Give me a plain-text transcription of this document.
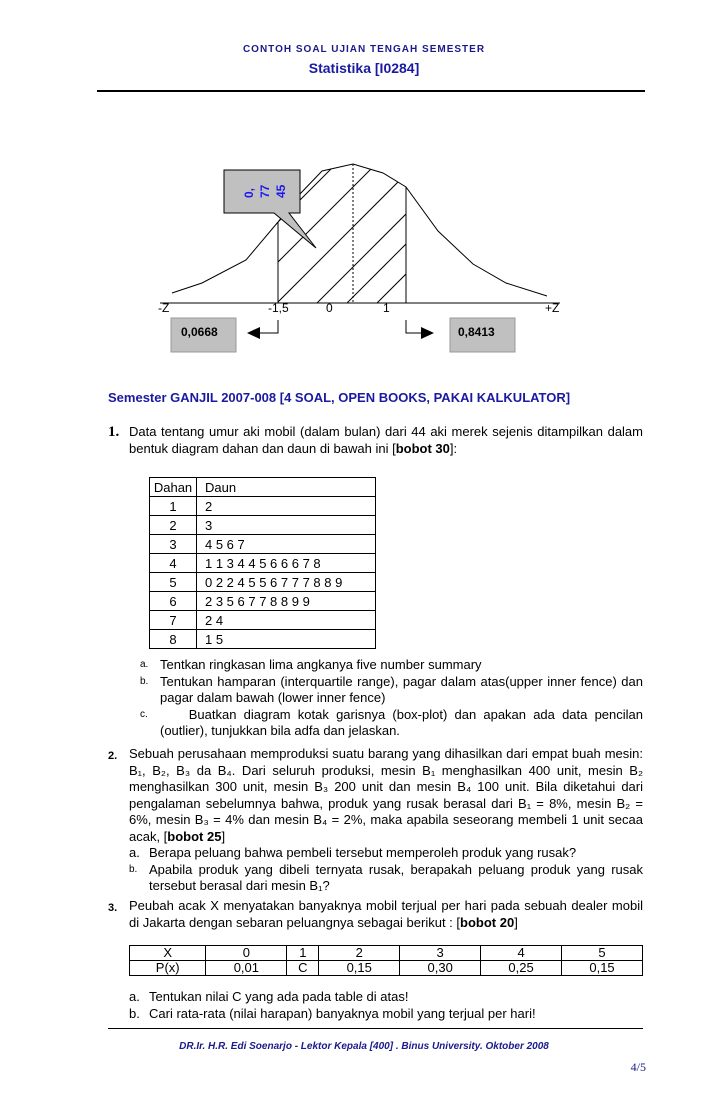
CONTOH SOAL UJIAN TENGAH SEMESTER
Statistika [I0284]
0, 77 45
-Z	-1,5	0	1	+Z
0,0668	0,8413
Semester GANJIL 2007-008 [4 SOAL, OPEN BOOKS, PAKAI KALKULATOR]
1. Data tentang umur aki mobil (dalam bulan) dari 44 aki merek sejenis ditampilkan dalam bentuk diagram dahan dan daun di bawah ini [bobot 30]:
Dahan	Daun
1	2
2	3
3	4 5 6 7
4	1 1 3 4 4 5 6 6 6 7 8
5	0 2 2 4 5 5 6 7 7 7 8 8 9
6	2 3 5 6 7 7 8 8 9 9
7	2 4
8	1 5
a. Tentkan ringkasan lima angkanya five number summary
b. Tentukan hamparan (interquartile range), pagar dalam atas(upper inner fence) dan pagar dalam bawah (lower inner fence)
c. Buatkan diagram kotak garisnya (box-plot) dan apakan ada data pencilan (outlier), tunjukkan bila adfa dan jelaskan.
2. Sebuah perusahaan memproduksi suatu barang yang dihasilkan dari empat buah mesin: B₁, B₂, B₃ da B₄. Dari seluruh produksi, mesin B₁ menghasilkan 400 unit, mesin B₂ menghasilkan 300 unit, mesin B₃ 200 unit dan mesin B₄ 100 unit. Bila diketahui dari pengalaman sebelumnya bahwa, produk yang rusak berasal dari B₁ = 8%, mesin B₂ = 6%, mesin B₃ = 4% dan mesin B₄ = 2%, maka apabila seseorang membeli 1 unit secaa acak, [bobot 25]
a. Berapa peluang bahwa pembeli tersebut memperoleh produk yang rusak?
b. Apabila produk yang dibeli ternyata rusak, berapakah peluang produk yang rusak tersebut berasal dari mesin B₁?
3. Peubah acak X menyatakan banyaknya mobil terjual per hari pada sebuah dealer mobil di Jakarta dengan sebaran peluangnya sebagai berikut : [bobot 20]
X	0	1	2	3	4	5
P(x)	0,01	C	0,15	0,30	0,25	0,15
a. Tentukan nilai C yang ada pada table di atas!
b. Cari rata-rata (nilai harapan) banyaknya mobil yang terjual per hari!
DR.Ir. H.R. Edi Soenarjo - Lektor Kepala [400] . Binus University. Oktober 2008
4/5
